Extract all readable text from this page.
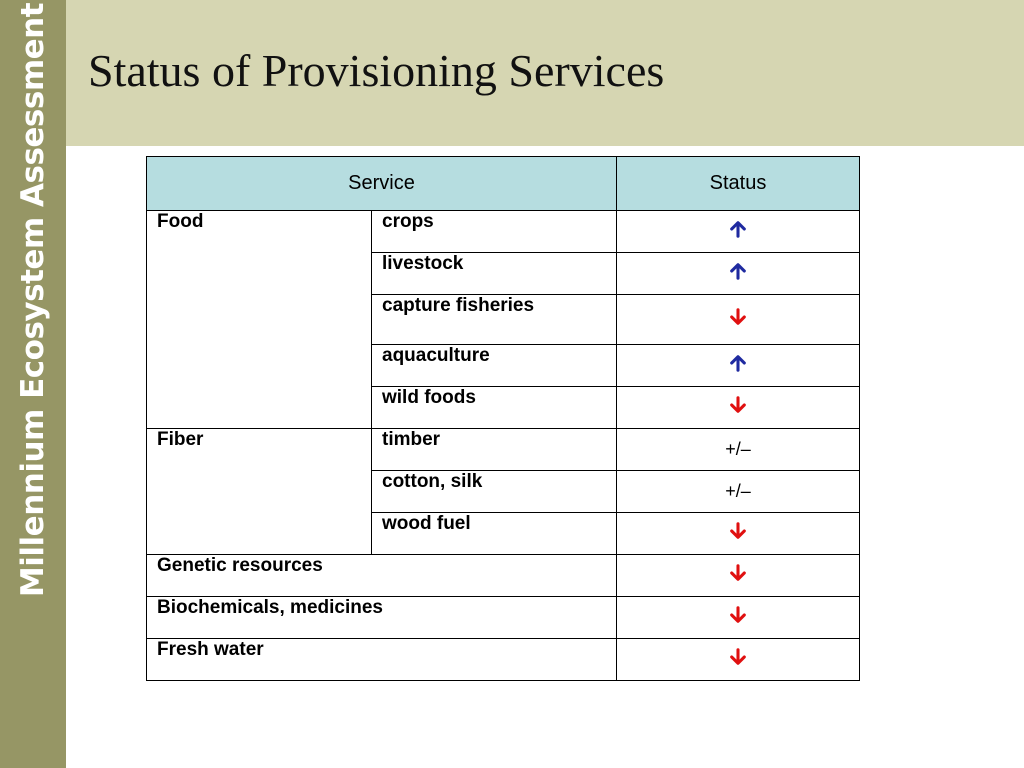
Millennium Ecosystem Assessment Status of Provisioning Services
Service		Status
Food	crops	
	livestock	
	capture fisheries	
	aquaculture	
	wild foods	
Fiber	timber	+/–
	cotton, silk	+/–
	wood fuel	
Genetic resources	
Biochemicals, medicines	
Fresh water	
